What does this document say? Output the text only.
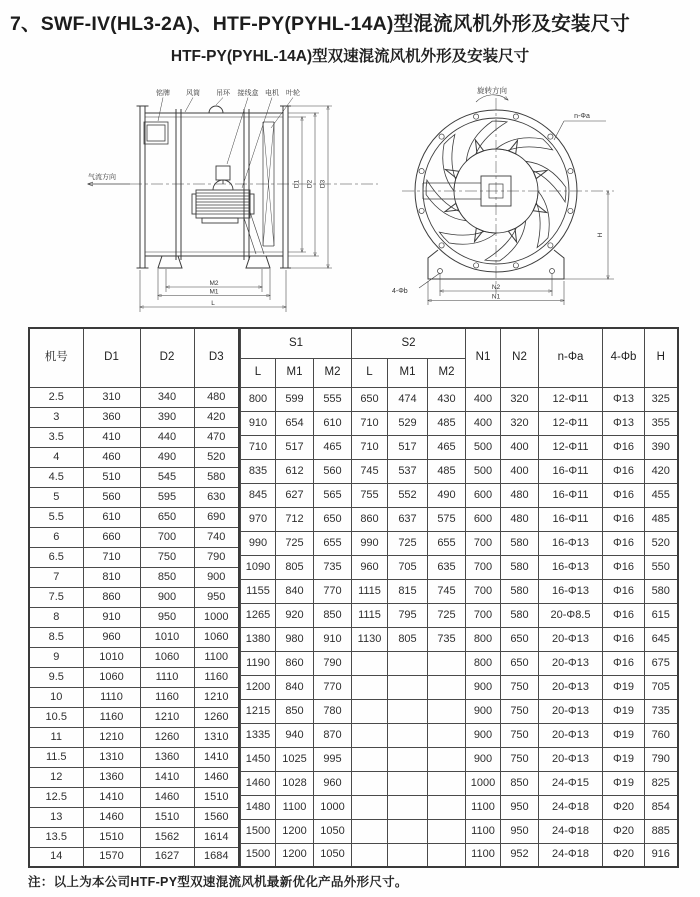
7、SWF-IV(HL3-2A)、HTF-PY(PYHL-14A)型混流风机外形及安装尺寸
HTF-PY(PYHL-14A)型双速混流风机外形及安装尺寸
铭牌 风筒 吊环 接线盒 电机 叶轮
气流方向
M2
M1
L
D1 D2 D3
旋转方向
N2
N1
H
n-Φa
4-Φb
机号	D1	D2	D3
2.5	310	340	480
3	360	390	420
3.5	410	440	470
4	460	490	520
4.5	510	545	580
5	560	595	630
5.5	610	650	690
6	660	700	740
6.5	710	750	790
7	810	850	900
7.5	860	900	950
8	910	950	1000
8.5	960	1010	1060
9	1010	1060	1100
9.5	1060	1110	1160
10	1110	1160	1210
10.5	1160	1210	1260
11	1210	1260	1310
11.5	1310	1360	1410
12	1360	1410	1460
12.5	1410	1460	1510
13	1460	1510	1560
13.5	1510	1562	1614
14	1570	1627	1684
S1			S2			N1	N2	n-Φa	4-Φb	H
L	M1	M2	L	M1	M2					
800	599	555	650	474	430	400	320	12-Φ11	Φ13	325
910	654	610	710	529	485	400	320	12-Φ11	Φ13	355
710	517	465	710	517	465	500	400	12-Φ11	Φ16	390
835	612	560	745	537	485	500	400	16-Φ11	Φ16	420
845	627	565	755	552	490	600	480	16-Φ11	Φ16	455
970	712	650	860	637	575	600	480	16-Φ11	Φ16	485
990	725	655	990	725	655	700	580	16-Φ13	Φ16	520
1090	805	735	960	705	635	700	580	16-Φ13	Φ16	550
1155	840	770	1115	815	745	700	580	16-Φ13	Φ16	580
1265	920	850	1115	795	725	700	580	20-Φ8.5	Φ16	615
1380	980	910	1130	805	735	800	650	20-Φ13	Φ16	645
1190	860	790				800	650	20-Φ13	Φ16	675
1200	840	770				900	750	20-Φ13	Φ19	705
1215	850	780				900	750	20-Φ13	Φ19	735
1335	940	870				900	750	20-Φ13	Φ19	760
1450	1025	995				900	750	20-Φ13	Φ19	790
1460	1028	960				1000	850	24-Φ15	Φ19	825
1480	1100	1000				1100	950	24-Φ18	Φ20	854
1500	1200	1050				1100	950	24-Φ18	Φ20	885
1500	1200	1050				1100	952	24-Φ18	Φ20	916

注：以上为本公司HTF-PY型双速混流风机最新优化产品外形尺寸。
